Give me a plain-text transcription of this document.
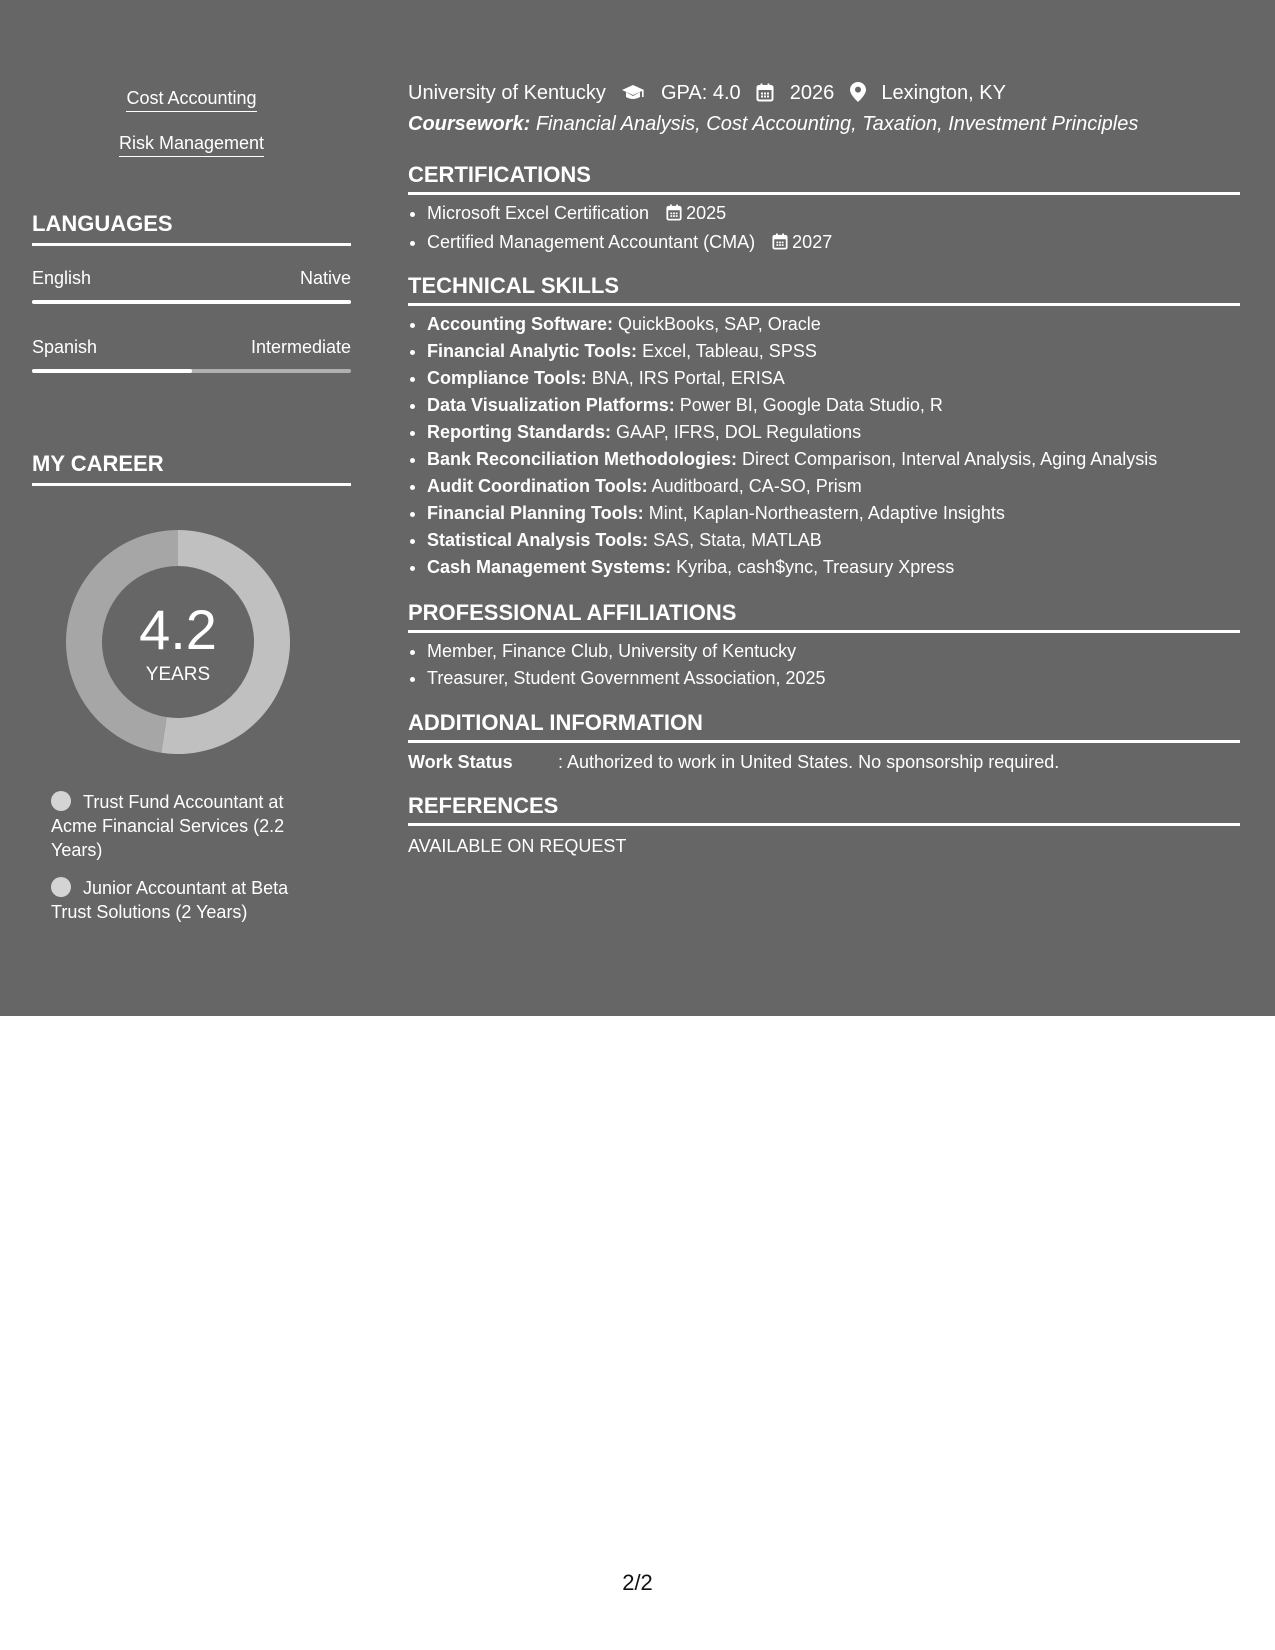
Cost Accounting
Risk Management
LANGUAGES
English	Native
Spanish	Intermediate
MY CAREER
4.2
YEARS
Trust Fund Accountant at Acme Financial Services (2.2 Years)
Junior Accountant at Beta Trust Solutions (2 Years)
University of Kentucky	GPA: 4.0 2026 Lexington, KY
Coursework: Financial Analysis, Cost Accounting, Taxation, Investment Principles
CERTIFICATIONS
• Microsoft Excel Certification 2025
• Certified Management Accountant (CMA) 2027
TECHNICAL SKILLS
• Accounting Software: QuickBooks, SAP, Oracle
• Financial Analytic Tools: Excel, Tableau, SPSS
• Compliance Tools: BNA, IRS Portal, ERISA
• Data Visualization Platforms: Power BI, Google Data Studio, R
• Reporting Standards: GAAP, IFRS, DOL Regulations
• Bank Reconciliation Methodologies: Direct Comparison, Interval Analysis, Aging Analysis
• Audit Coordination Tools: Auditboard, CA-SO, Prism
• Financial Planning Tools: Mint, Kaplan-Northeastern, Adaptive Insights
• Statistical Analysis Tools: SAS, Stata, MATLAB
• Cash Management Systems: Kyriba, cash$ync, Treasury Xpress
PROFESSIONAL AFFILIATIONS
• Member, Finance Club, University of Kentucky
• Treasurer, Student Government Association, 2025
ADDITIONAL INFORMATION
Work Status	: Authorized to work in United States. No sponsorship required.
REFERENCES
AVAILABLE ON REQUEST
2/2
